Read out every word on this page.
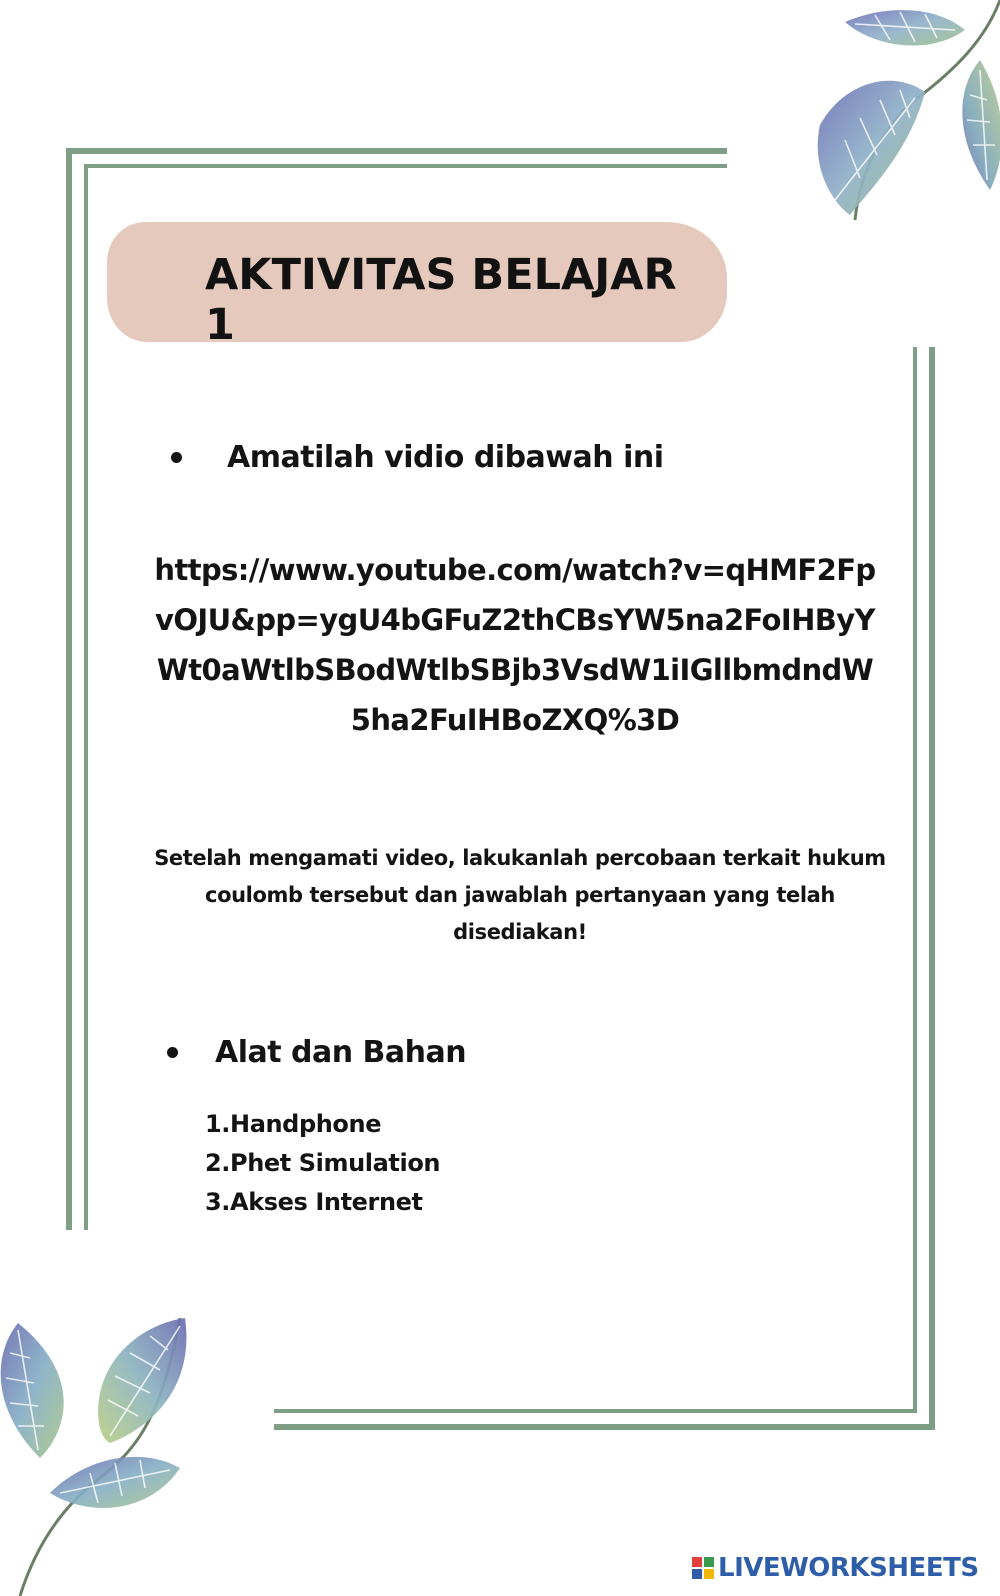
AKTIVITAS BELAJAR 1
Amatilah vidio dibawah ini
https://www.youtube.com/watch?v=qHMF2FpvOJU&pp=ygU4bGFuZ2thCBsYW5na2FoIHByYWt0aWtlbSBodWtlbSBjb3VsdW1iIGllbmdndW5ha2FuIHBoZXQ%3D
Setelah mengamati video, lakukanlah percobaan terkait hukum coulomb tersebut dan jawablah pertanyaan yang telah disediakan!
Alat dan Bahan
1.Handphone
2.Phet Simulation
3.Akses Internet
LIVEWORKSHEETS
